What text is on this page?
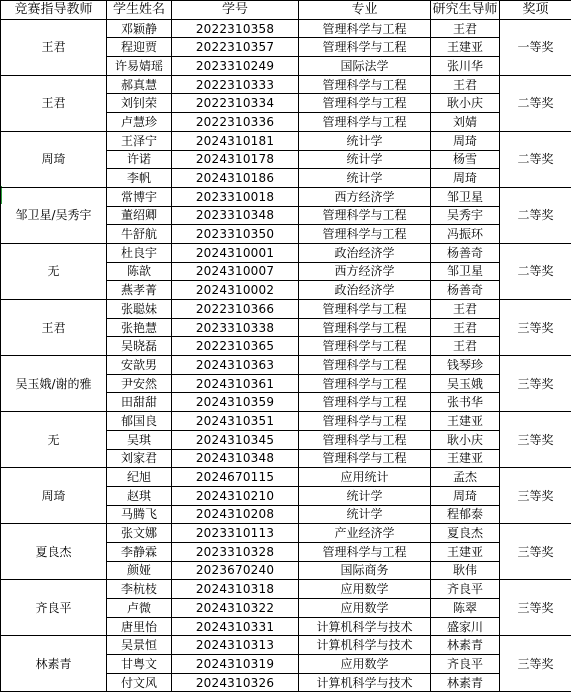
竞赛指导教师	学生姓名	学号	专业	研究生导师	奖项
王君	邓颖静	2022310358	管理科学与工程	王君	一等奖
	程迎贾	2022310357	管理科学与工程	王建亚	
	许易婧瑶	2023310249	国际法学	张川华	
王君	郝真慧	2022310333	管理科学与工程	王君	二等奖
	刘钊荣	2022310334	管理科学与工程	耿小庆	
	卢慧珍	2022310336	管理科学与工程	刘婧	
周琦	王泽宁	2024310181	统计学	周琦	二等奖
	许诺	2024310178	统计学	杨雪	
	李帆	2024310186	统计学	周琦	
邹卫星/吴秀宇	常博宇	2023310018	西方经济学	邹卫星	二等奖
	董绍卿	2023310348	管理科学与工程	吴秀宇	
	牛舒航	2023310350	管理科学与工程	冯振环	
无	杜良宇	2024310001	政治经济学	杨善奇	二等奖
	陈歆	2024310007	西方经济学	邹卫星	
	燕孝菁	2024310002	政治经济学	杨善奇	
王君	张聪妹	2022310366	管理科学与工程	王君	三等奖
	张艳慧	2023310338	管理科学与工程	王君	
	吴晓磊	2022310365	管理科学与工程	王君	
吴玉娥/谢的雅	安歆男	2024310363	管理科学与工程	钱琴珍	三等奖
	尹安然	2024310361	管理科学与工程	吴玉娥	
	田甜甜	2024310359	管理科学与工程	张书华	
无	郁国良	2024310351	管理科学与工程	王建亚	三等奖
	吴琪	2024310345	管理科学与工程	耿小庆	
	刘家君	2024310348	管理科学与工程	王建亚	
周琦	纪旭	2024670115	应用统计	孟杰	三等奖
	赵琪	2024310210	统计学	周琦	
	马腾飞	2024310208	统计学	程郁泰	
夏良杰	张文娜	2023310113	产业经济学	夏良杰	三等奖
	李静霖	2023310328	管理科学与工程	王建亚	
	颜娅	2023670240	国际商务	耿伟	
齐良平	李杭枝	2024310318	应用数学	齐良平	三等奖
	卢微	2024310322	应用数学	陈翠	
	唐里怡	2024310331	计算机科学与技术	盛家川	
林素青	吴景恒	2024310313	计算机科学与技术	林素青	三等奖
	甘粤文	2024310319	应用数学	齐良平	
	付文风	2024310326	计算机科学与技术	林素青	
